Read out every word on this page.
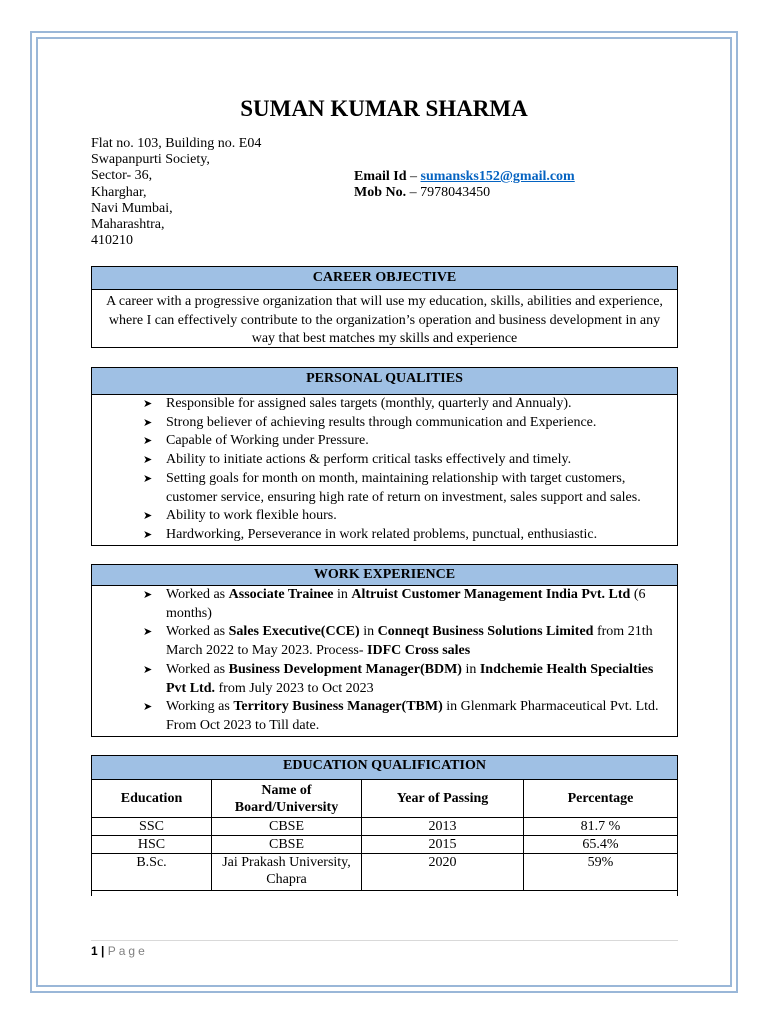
SUMAN KUMAR SHARMA
Flat no. 103, Building no. E04
Swapanpurti Society,
Sector- 36,
Kharghar,
Navi Mumbai,
Maharashtra,
410210
Email Id – sumansks152@gmail.com
Mob No. – 7978043450
CAREER OBJECTIVE
A career with a progressive organization that will use my education, skills, abilities and experience, where I can effectively contribute to the organization’s operation and business development in any way that best matches my skills and experience
PERSONAL QUALITIES
➤ Responsible for assigned sales targets (monthly, quarterly and Annualy).
➤ Strong believer of achieving results through communication and Experience.
➤ Capable of Working under Pressure.
➤ Ability to initiate actions & perform critical tasks effectively and timely.
➤ Setting goals for month on month, maintaining relationship with target customers, customer service, ensuring high rate of return on investment, sales support and sales.
➤ Ability to work flexible hours.
➤ Hardworking, Perseverance in work related problems, punctual, enthusiastic.
WORK EXPERIENCE
➤ Worked as Associate Trainee in Altruist Customer Management India Pvt. Ltd (6 months)
➤ Worked as Sales Executive(CCE) in Conneqt Business Solutions Limited from 21th March 2022 to May 2023. Process- IDFC Cross sales
➤ Worked as Business Development Manager(BDM) in Indchemie Health Specialties Pvt Ltd. from July 2023 to Oct 2023
➤ Working as Territory Business Manager(TBM) in Glenmark Pharmaceutical Pvt. Ltd. From Oct 2023 to Till date.
EDUCATION QUALIFICATION
Education	Name of Board/University	Year of Passing	Percentage
SSC	CBSE	2013	81.7 %
HSC	CBSE	2015	65.4%
B.Sc.	Jai Prakash University, Chapra	2020	59%
1 | Page
